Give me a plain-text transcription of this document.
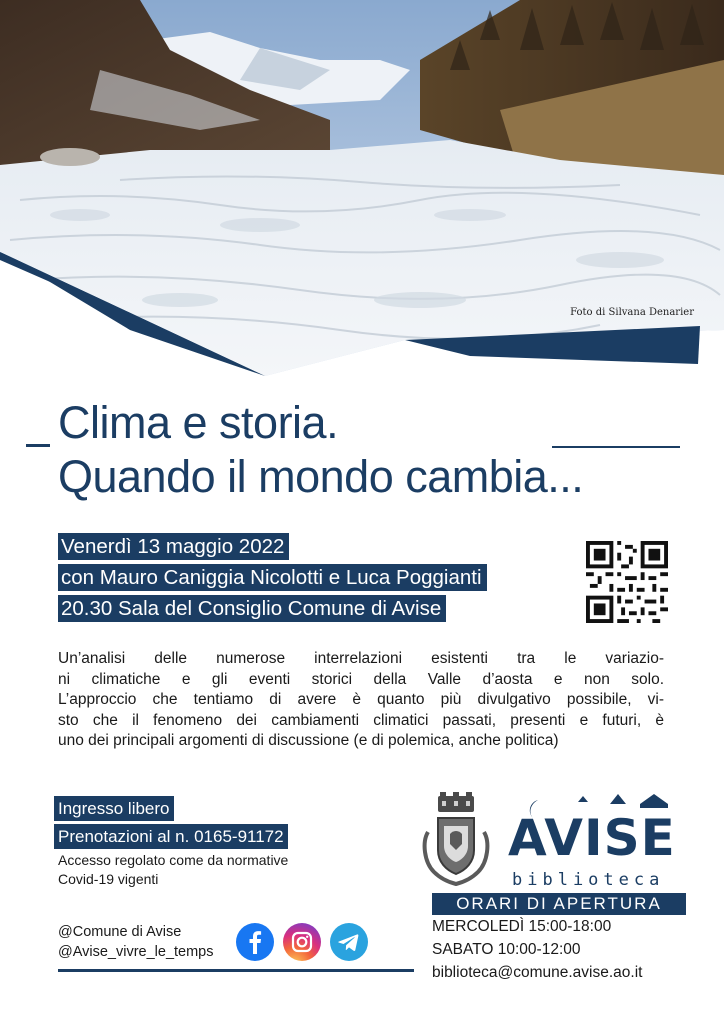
Foto di Silvana Denarier
Clima e storia.
Quando il mondo cambia...
Venerdì 13 maggio 2022
con Mauro Caniggia Nicolotti e Luca Poggianti
20.30 Sala del Consiglio Comune di Avise
Un’analisi delle numerose interrelazioni esistenti tra le variazio-
ni climatiche e gli eventi storici della Valle d’aosta e non solo.
L’approccio che tentiamo di avere è quanto più divulgativo possibile, vi-
sto che il fenomeno dei cambiamenti climatici passati, presenti e futuri, è
uno dei principali argomenti di discussione (e di polemica, anche politica)
Ingresso libero
Prenotazioni al n. 0165-91172
Accesso regolato come da normative
Covid-19 vigenti
@Comune di Avise
@Avise_vivre_le_temps
AVISE
biblioteca
ORARI DI APERTURA
MERCOLEDÌ 15:00-18:00
SABATO 10:00-12:00
biblioteca@comune.avise.ao.it
